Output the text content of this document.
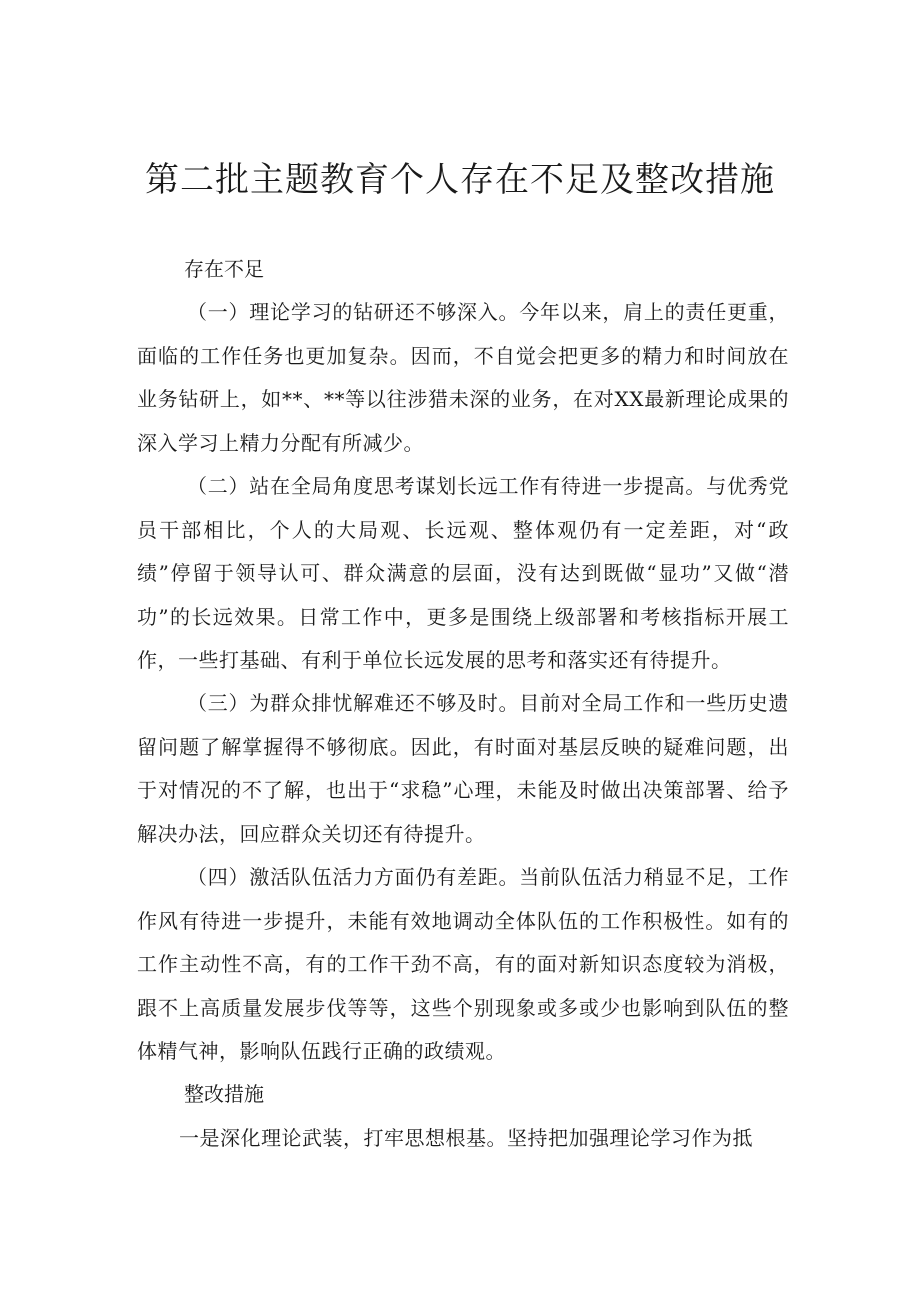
第二批主题教育个人存在不足及整改措施

存在不足

（一）理论学习的钻研还不够深入。今年以来，肩上的责任更重，面临的工作任务也更加复杂。因而，不自觉会把更多的精力和时间放在业务钻研上，如**、**等以往涉猎未深的业务，在对XX最新理论成果的深入学习上精力分配有所减少。

（二）站在全局角度思考谋划长远工作有待进一步提高。与优秀党员干部相比，个人的大局观、长远观、整体观仍有一定差距，对“政绩”停留于领导认可、群众满意的层面，没有达到既做“显功”又做“潜功”的长远效果。日常工作中，更多是围绕上级部署和考核指标开展工作，一些打基础、有利于单位长远发展的思考和落实还有待提升。

（三）为群众排忧解难还不够及时。目前对全局工作和一些历史遗留问题了解掌握得不够彻底。因此，有时面对基层反映的疑难问题，出于对情况的不了解，也出于“求稳”心理，未能及时做出决策部署、给予解决办法，回应群众关切还有待提升。

（四）激活队伍活力方面仍有差距。当前队伍活力稍显不足，工作作风有待进一步提升，未能有效地调动全体队伍的工作积极性。如有的工作主动性不高，有的工作干劲不高，有的面对新知识态度较为消极，跟不上高质量发展步伐等等，这些个别现象或多或少也影响到队伍的整体精气神，影响队伍践行正确的政绩观。

整改措施

一是深化理论武装，打牢思想根基。坚持把加强理论学习作为抵
